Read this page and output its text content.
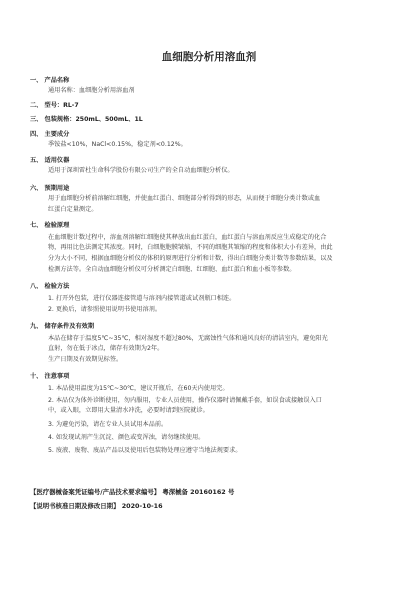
血细胞分析用溶血剂
一、 产品名称
通用名称：血细胞分析用溶血剂
二、 型号：RL-7
三、 包装规格：250mL、500mL、1L
四、 主要成分
季铵盐<10%，NaCl<0.15%，稳定剂<0.12%。
五、 适用仪器
适用于深圳雷杜生命科学股份有限公司生产的全自动血细胞分析仪。
六、 预期用途
用于血细胞分析前溶解红细胞，并使血红蛋白、细胞部分析得到的形态，从而便于细胞分类计数或血
红蛋白定量测定。
七、 检验原理
在血细胞计数过程中，溶血剂溶解红细胞使其释放出血红蛋白，血红蛋白与溶血剂反应生成稳定的化合
物，再用比色法测定其浓度。同时，白细胞胞膜皱缩，不同的细胞其皱缩的程度和体积大小有差异，由此
分为大小不同，根据血细胞分析仪的体积的原理进行分析和计数，得出白细胞分类计数等参数结果，以及
检测方法等。全自动血细胞分析仪可分析测定白细胞、红细胞、血红蛋白和血小板等参数。
八、 检验方法
1. 打开外包装，进行仪器连接管道与溶剂内接管道或试剂瓶口相连。
2. 更换后，请参照使用说明书使用溶剂。
九、 储存条件及有效期
本品在储存于温度5℃~35℃，相对湿度不超过80%，无腐蚀性气体和通风良好的清洁室内，避免阳光
直射，勿在低于冰点，储存有效期为2年。
生产日期及有效期见标签。
十、 注意事项
1. 本品使用温度为15℃~30℃，建议开瓶后，在60天内使用完。
2. 本品仅为体外诊断使用，勿内服用，专业人员使用，操作仪器时请佩戴手套，如误食或接触误入口
中，或入眼，立即用大量清水冲洗，必要时请到医院就诊。
3. 为避免污染，请在专业人员试用本品前。
4. 如发现试剂产生沉淀、颜色或变浑浊，请勿继续使用。
5. 废液、废物、废品产品以及使用后包装物处理应遵守当地法规要求。
【医疗器械备案凭证编号/产品技术要求编号】 粤深械备 20160162 号
【说明书核准日期及修改日期】 2020-10-16
